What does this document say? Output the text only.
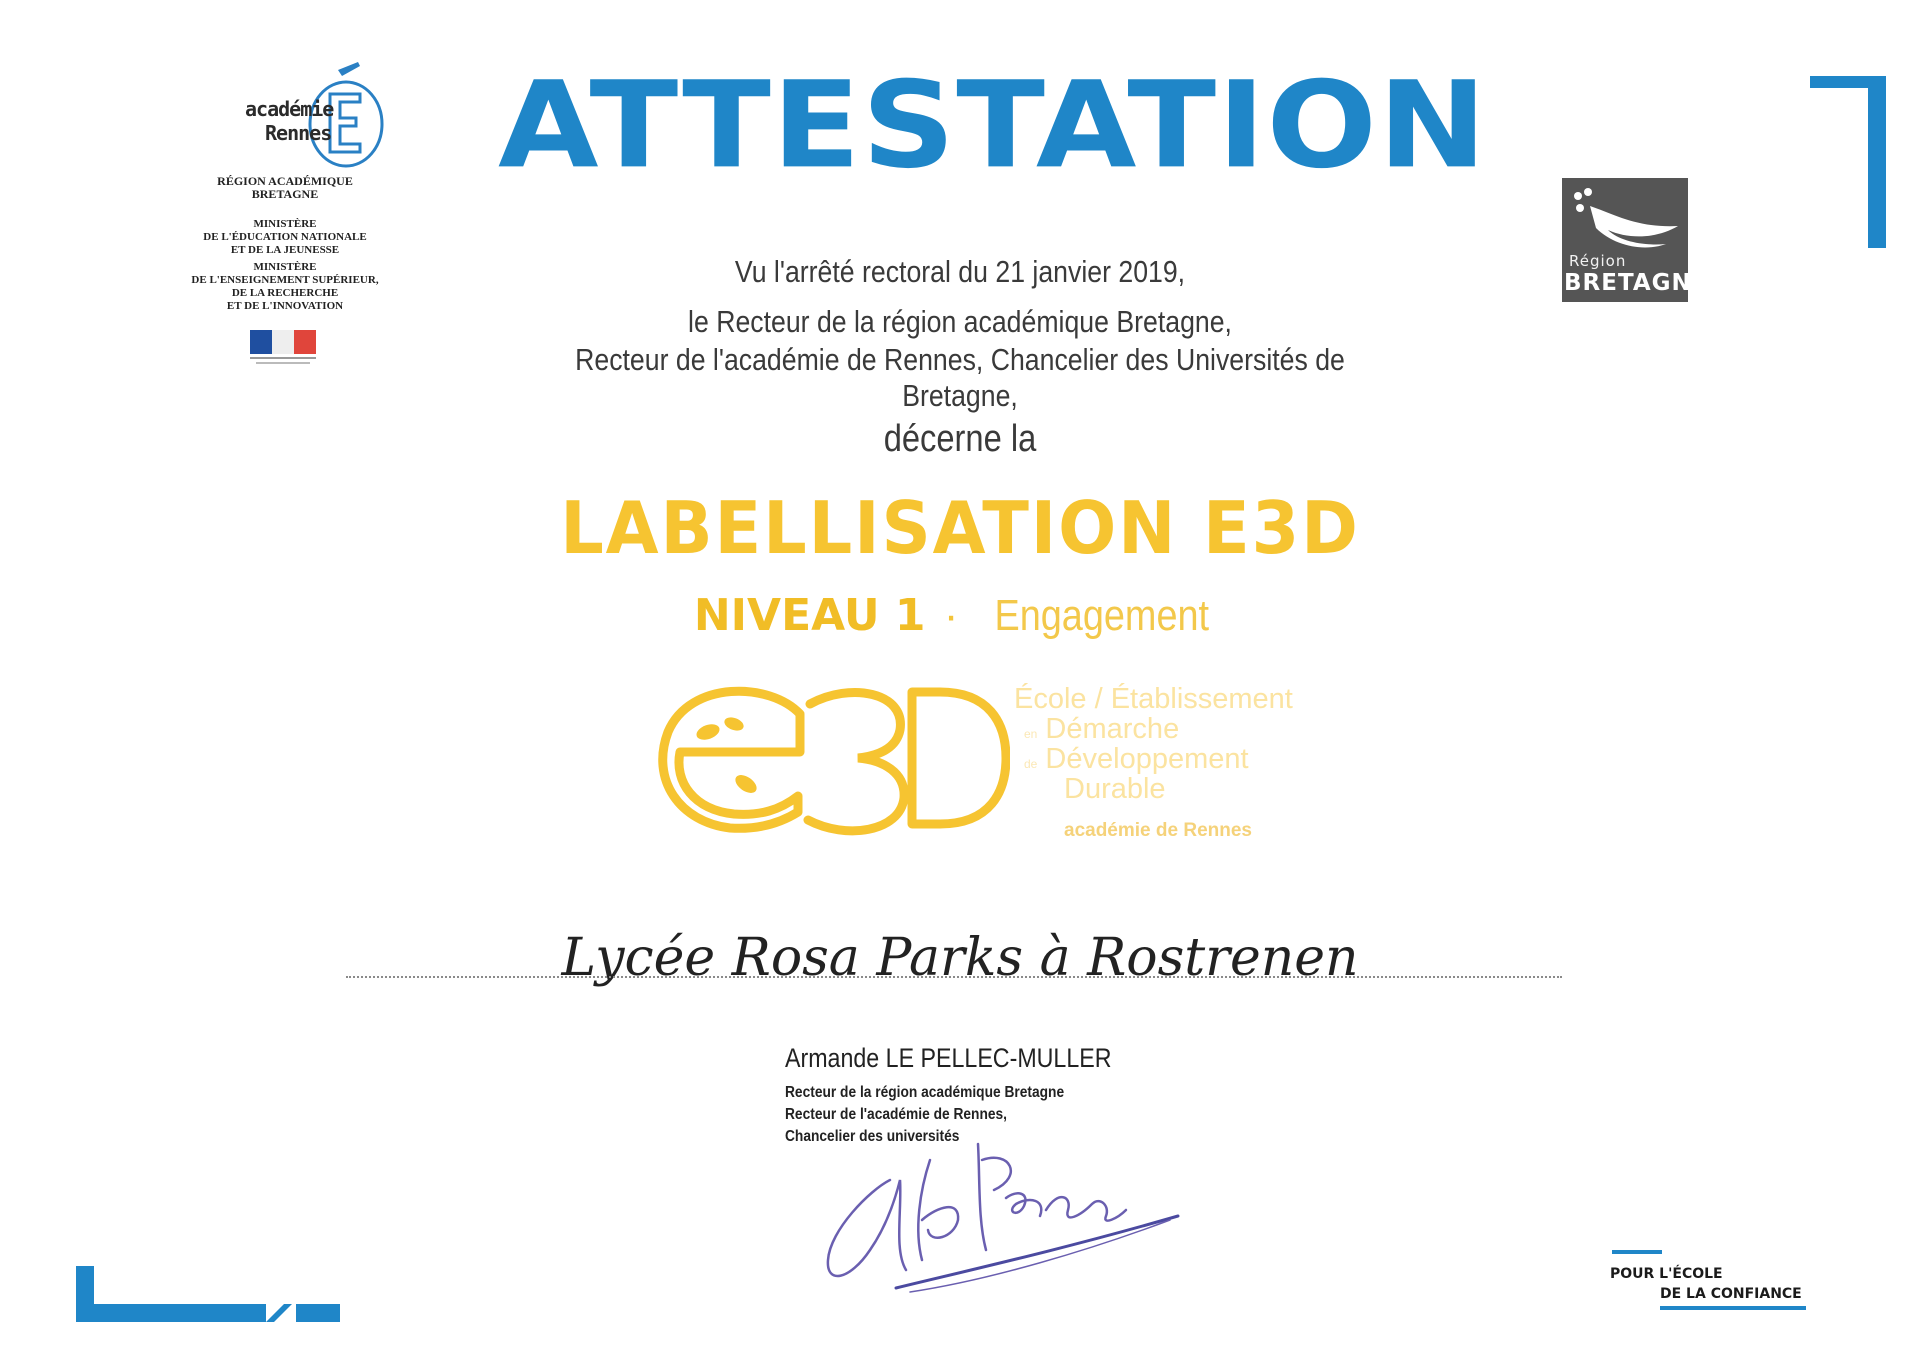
académie
Rennes
RÉGION ACADÉMIQUE
BRETAGNE
MINISTÈRE
DE L'ÉDUCATION NATIONALE
ET DE LA JEUNESSE
MINISTÈRE
DE L'ENSEIGNEMENT SUPÉRIEUR,
DE LA RECHERCHE
ET DE L'INNOVATION
ATTESTATION
Région
BRETAGNE
Vu l'arrêté rectoral du 21 janvier 2019,
le Recteur de la région académique Bretagne,
Recteur de l'académie de Rennes, Chancelier des Universités de Bretagne,
décerne la
LABELLISATION E3D
NIVEAU 1 · Engagement
École / Établissement
en Démarche
de Développement
Durable
académie de Rennes
Lycée Rosa Parks à Rostrenen
Armande LE PELLEC-MULLER
Recteur de la région académique Bretagne
Recteur de l'académie de Rennes,
Chancelier des universités
POUR L'ÉCOLE
DE LA CONFIANCE
